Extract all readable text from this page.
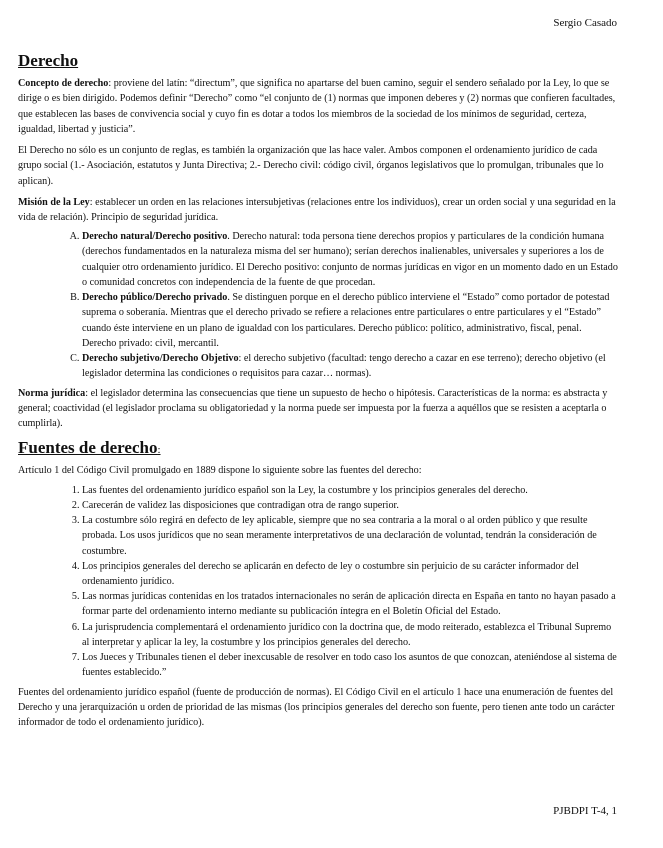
Sergio Casado
Derecho

Concepto de derecho: proviene del latín: “directum”, que significa no apartarse del buen camino, seguir el sendero señalado por la Ley, lo que se dirige o es bien dirigido. Podemos definir “Derecho” como “el conjunto de (1) normas que imponen deberes y (2) normas que confieren facultades, que establecen las bases de convivencia social y cuyo fin es dotar a todos los miembros de la sociedad de los mínimos de seguridad, certeza, igualdad, libertad y justicia”.

El Derecho no sólo es un conjunto de reglas, es también la organización que las hace valer. Ambos componen el ordenamiento jurídico de cada grupo social (1.- Asociación, estatutos y Junta Directiva; 2.- Derecho civil: código civil, órganos legislativos que lo promulgan, tribunales que lo aplican).

Misión de la Ley: establecer un orden en las relaciones intersubjetivas (relaciones entre los individuos), crear un orden social y una seguridad en la vida de relación). Principio de seguridad jurídica.

A. Derecho natural/Derecho positivo. Derecho natural: toda persona tiene derechos propios y particulares de la condición humana (derechos fundamentados en la naturaleza misma del ser humano); serían derechos inalienables, universales y superiores a los de cualquier otro ordenamiento jurídico. El Derecho positivo: conjunto de normas jurídicas en vigor en un momento dado en un Estado o comunidad concretos con independencia de la fuente de que procedan.
B. Derecho público/Derecho privado. Se distinguen porque en el derecho público interviene el “Estado” como portador de potestad suprema o soberanía. Mientras que el derecho privado se refiere a relaciones entre particulares o entre particulares y el “Estado” cuando éste interviene en un plano de igualdad con los particulares. Derecho público: político, administrativo, fiscal, penal. Derecho privado: civil, mercantil.
C. Derecho subjetivo/Derecho Objetivo: el derecho subjetivo (facultad: tengo derecho a cazar en ese terreno); derecho objetivo (el legislador determina las condiciones o requisitos para cazar… normas).

Norma jurídica: el legislador determina las consecuencias que tiene un supuesto de hecho o hipótesis. Características de la norma: es abstracta y general; coactividad (el legislador proclama su obligatoriedad y la norma puede ser impuesta por la fuerza a aquéllos que se resisten a aceptarla o cumplirla).

Fuentes de derecho:

Artículo 1 del Código Civil promulgado en 1889 dispone lo siguiente sobre las fuentes del derecho:

1. Las fuentes del ordenamiento jurídico español son la Ley, la costumbre y los principios generales del derecho.
2. Carecerán de validez las disposiciones que contradigan otra de rango superior.
3. La costumbre sólo regirá en defecto de ley aplicable, siempre que no sea contraria a la moral o al orden público y que resulte probada. Los usos jurídicos que no sean meramente interpretativos de una declaración de voluntad, tendrán la consideración de costumbre.
4. Los principios generales del derecho se aplicarán en defecto de ley o costumbre sin perjuicio de su carácter informador del ordenamiento jurídico.
5. Las normas jurídicas contenidas en los tratados internacionales no serán de aplicación directa en España en tanto no hayan pasado a formar parte del ordenamiento interno mediante su publicación íntegra en el Boletín Oficial del Estado.
6. La jurisprudencia complementará el ordenamiento jurídico con la doctrina que, de modo reiterado, establezca el Tribunal Supremo al interpretar y aplicar la ley, la costumbre y los principios generales del derecho.
7. Los Jueces y Tribunales tienen el deber inexcusable de resolver en todo caso los asuntos de que conozcan, ateniéndose al sistema de fuentes establecido.”

Fuentes del ordenamiento jurídico español (fuente de producción de normas). El Código Civil en el artículo 1 hace una enumeración de fuentes del Derecho y una jerarquización u orden de prioridad de las mismas (los principios generales del derecho son fuente, pero tienen ante todo un carácter informador de todo el ordenamiento jurídico).

PJBDPI T-4, 1
